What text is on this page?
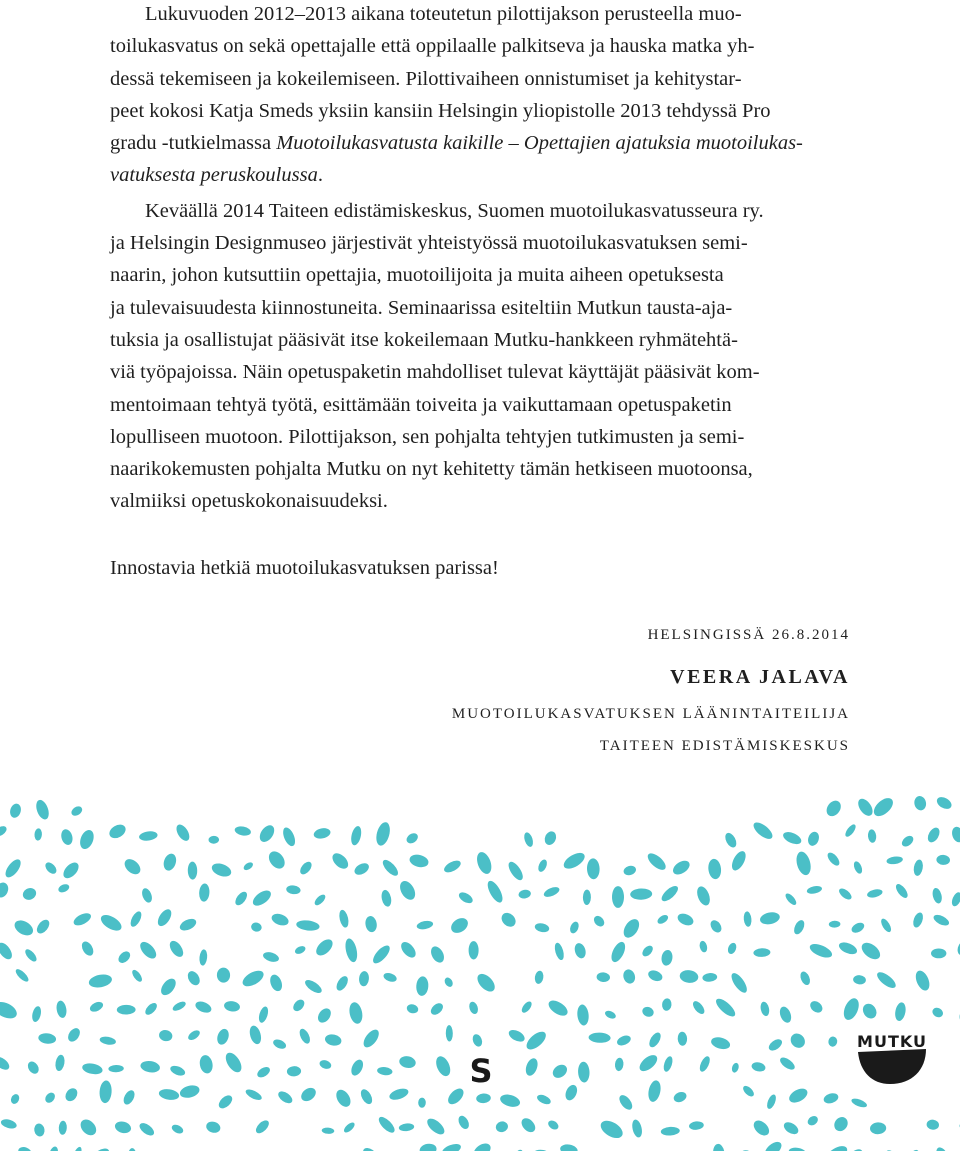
Lukuvuoden 2012–2013 aikana toteutetun pilottijakson perusteella muo-
toilukasvatus on sekä opettajalle että oppilaalle palkitseva ja hauska matka yh-
dessä tekemiseen ja kokeilemiseen. Pilottivaiheen onnistumiset ja kehitystar-
peet kokosi Katja Smeds yksiin kansiin Helsingin yliopistolle 2013 tehdyssä Pro
gradu -tutkielmassa Muotoilukasvatusta kaikille – Opettajien ajatuksia muotoilukas-
vatuksesta peruskoulussa.

Keväällä 2014 Taiteen edistämiskeskus, Suomen muotoilukasvatusseura ry.
ja Helsingin Designmuseo järjestivät yhteistyössä muotoilukasvatuksen semi-
naarin, johon kutsuttiin opettajia, muotoilijoita ja muita aiheen opetuksesta
ja tulevaisuudesta kiinnostuneita. Seminaarissa esiteltiin Mutkun tausta-aja-
tuksia ja osallistujat pääsivät itse kokeilemaan Mutku-hankkeen ryhmätehtä-
viä työpajoissa. Näin opetuspaketin mahdolliset tulevat käyttäjät pääsivät kom-
mentoimaan tehtyä työtä, esittämään toiveita ja vaikuttamaan opetuspaketin
lopulliseen muotoon. Pilottijakson, sen pohjalta tehtyjen tutkimusten ja semi-
naarikokemusten pohjalta Mutku on nyt kehitetty tämän hetkiseen muotoonsa,
valmiiksi opetuskokonaisuudeksi.

Innostavia hetkiä muotoilukasvatuksen parissa!

HELSINGISSÄ 26.8.2014

VEERA JALAVA

MUOTOILUKASVATUKSEN LÄÄNINTAITEILIJA

TAITEEN EDISTÄMISKESKUS

S
MUTKU
